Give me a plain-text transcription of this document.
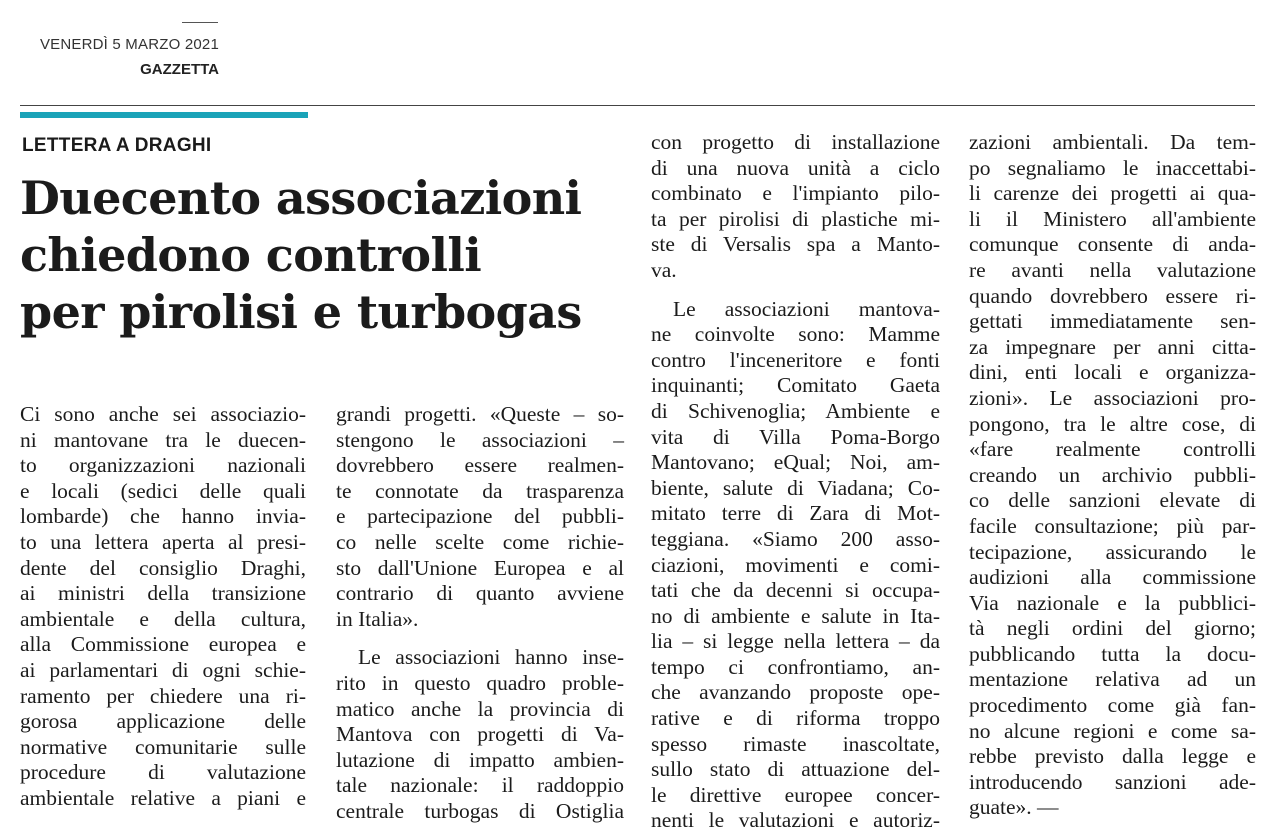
VENERDÌ 5 MARZO 2021
GAZZETTA
LETTERA A DRAGHI
Duecento associazioni
chiedono controlli
per pirolisi e turbogas
Ci sono anche sei associazio-
ni mantovane tra le duecen-
to organizzazioni nazionali
e locali (sedici delle quali
lombarde) che hanno invia-
to una lettera aperta al presi-
dente del consiglio Draghi,
ai ministri della transizione
ambientale e della cultura,
alla Commissione europea e
ai parlamentari di ogni schie-
ramento per chiedere una ri-
gorosa applicazione delle
normative comunitarie sulle
procedure di valutazione
ambientale relative a piani e
grandi progetti. «Queste – so-
stengono le associazioni –
dovrebbero essere realmen-
te connotate da trasparenza
e partecipazione del pubbli-
co nelle scelte come richie-
sto dall'Unione Europea e al
contrario di quanto avviene
in Italia».
Le associazioni hanno inse-
rito in questo quadro proble-
matico anche la provincia di
Mantova con progetti di Va-
lutazione di impatto ambien-
tale nazionale: il raddoppio
centrale turbogas di Ostiglia
con progetto di installazione
di una nuova unità a ciclo
combinato e l'impianto pilo-
ta per pirolisi di plastiche mi-
ste di Versalis spa a Manto-
va.
Le associazioni mantova-
ne coinvolte sono: Mamme
contro l'inceneritore e fonti
inquinanti; Comitato Gaeta
di Schivenoglia; Ambiente e
vita di Villa Poma-Borgo
Mantovano; eQual; Noi, am-
biente, salute di Viadana; Co-
mitato terre di Zara di Mot-
teggiana. «Siamo 200 asso-
ciazioni, movimenti e comi-
tati che da decenni si occupa-
no di ambiente e salute in Ita-
lia – si legge nella lettera – da
tempo ci confrontiamo, an-
che avanzando proposte ope-
rative e di riforma troppo
spesso rimaste inascoltate,
sullo stato di attuazione del-
le direttive europee concer-
nenti le valutazioni e autoriz-
zazioni ambientali. Da tem-
po segnaliamo le inaccettabi-
li carenze dei progetti ai qua-
li il Ministero all'ambiente
comunque consente di anda-
re avanti nella valutazione
quando dovrebbero essere ri-
gettati immediatamente sen-
za impegnare per anni citta-
dini, enti locali e organizza-
zioni». Le associazioni pro-
pongono, tra le altre cose, di
«fare realmente controlli
creando un archivio pubbli-
co delle sanzioni elevate di
facile consultazione; più par-
tecipazione, assicurando le
audizioni alla commissione
Via nazionale e la pubblici-
tà negli ordini del giorno;
pubblicando tutta la docu-
mentazione relativa ad un
procedimento come già fan-
no alcune regioni e come sa-
rebbe previsto dalla legge e
introducendo sanzioni ade-
guate». —
